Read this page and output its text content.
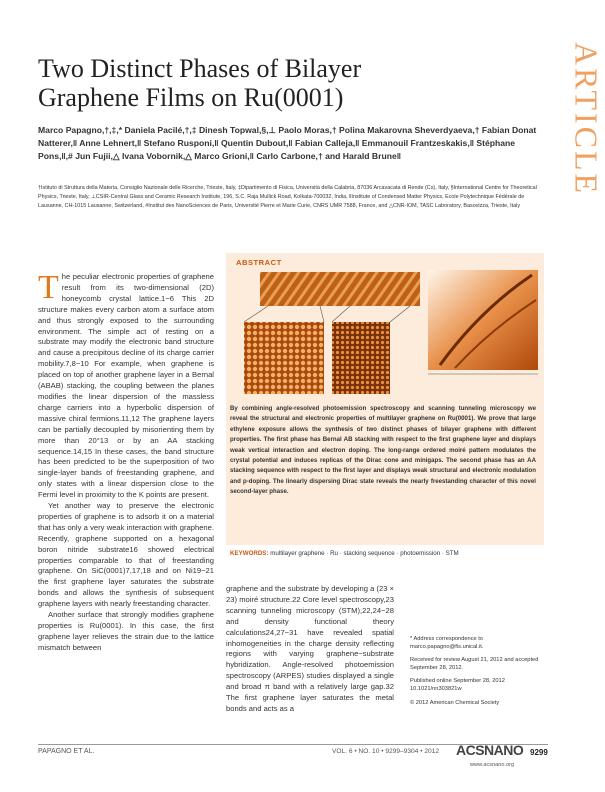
Two Distinct Phases of Bilayer
Graphene Films on Ru(0001)	ARTICLE
Marco Papagno,†,‡,* Daniela Pacilé,†,‡ Dinesh Topwal,§,⊥ Paolo Moras,† Polina Makarovna Sheverdyaeva,† Fabian Donat Natterer,‖ Anne Lehnert,‖ Stefano Rusponi,‖ Quentin Dubout,‖ Fabian Calleja,‖ Emmanouil Frantzeskakis,‖ Stéphane Pons,‖,# Jun Fujii,△ Ivana Vobornik,△ Marco Grioni,‖ Carlo Carbone,† and Harald Brune‖
†Istituto di Struttura della Materia, Consiglio Nazionale delle Ricerche, Trieste, Italy, ‡Dipartimento di Fisica, Università della Calabria, 87036 Arcavacata di Rende (Cs), Italy, §International Centre for Theoretical Physics, Trieste, Italy, ⊥CSIR-Central Glass and Ceramic Research Institute, 196, S.C. Raja Mullick Road, Kolkata-700032, India, ‖Institute of Condensed Matter Physics, Ecole Polytechnique Fédérale de Lausanne, CH-1015 Lausanne, Switzerland, #Institut des NanoSciences de Paris, Université Pierre et Marie Curie, CNRS UMR 7588, France, and △CNR-IOM, TASC Laboratory, Basovizza, Trieste, Italy

The peculiar electronic properties of graphene result from its two-dimensional (2D) honeycomb crystal lattice.1−6 This 2D structure makes every carbon atom a surface atom and thus strongly exposed to the surrounding environment. The simple act of resting on a substrate may modify the electronic band structure and cause a precipitous decline of its charge carrier mobility.7,8−10 For example, when graphene is placed on top of another graphene layer in a Bernal (ABAB) stacking, the coupling between the planes modifies the linear dispersion of the massless charge carriers into a hyperbolic dispersion of massive chiral fermions.11,12 The graphene layers can be partially decoupled by misorienting them by more than 20°13 or by an AA stacking sequence.14,15 In these cases, the band structure has been predicted to be the superposition of two single-layer bands of freestanding graphene, and only states with a linear dispersion close to the Fermi level in proximity to the K points are present.

Yet another way to preserve the electronic properties of graphene is to adsorb it on a material that has only a very weak interaction with graphene. Recently, graphene supported on a hexagonal boron nitride substrate16 showed electrical properties comparable to that of freestanding graphene. On SiC(0001)7,17,18 and on Ni19−21 the first graphene layer saturates the substrate bonds and allows the synthesis of subsequent graphene layers with nearly freestanding character.

Another surface that strongly modifies graphene properties is Ru(0001). In this case, the first graphene layer relieves the strain due to the lattice mismatch between

ABSTRACT
By combining angle-resolved photoemission spectroscopy and scanning tunneling microscopy we reveal the structural and electronic properties of multilayer graphene on Ru(0001). We prove that large ethylene exposure allows the synthesis of two distinct phases of bilayer graphene with different properties. The first phase has Bernal AB stacking with respect to the first graphene layer and displays weak vertical interaction and electron doping. The long-range ordered moiré pattern modulates the crystal potential and induces replicas of the Dirac cone and minigaps. The second phase has an AA stacking sequence with respect to the first layer and displays weak structural and electronic modulation and p-doping. The linearly dispersing Dirac state reveals the nearly freestanding character of this novel second-layer phase.
KEYWORDS: multilayer graphene · Ru · stacking sequence · photoemission · STM
graphene and the substrate by developing a (23 × 23) moiré structure.22 Core level spectroscopy,23 scanning tunneling microscopy (STM),22,24−28 and density functional theory calculations24,27−31 have revealed spatial inhomogeneities in the charge density reflecting regions with varying graphene−substrate hybridization. Angle-resolved photoemission spectroscopy (ARPES) studies displayed a single and broad π band with a relatively large gap.32 The first graphene layer saturates the metal bonds and acts as a

* Address correspondence to marco.papagno@fis.unical.it.

Received for review August 21, 2012 and accepted September 28, 2012.

Published online September 28, 2012 10.1021/nn303821w

© 2012 American Chemical Society

PAPAGNO ET AL.	VOL. 6 • NO. 10 • 9299–9304 • 2012 ACSNANO 9299
www.acsnano.org
